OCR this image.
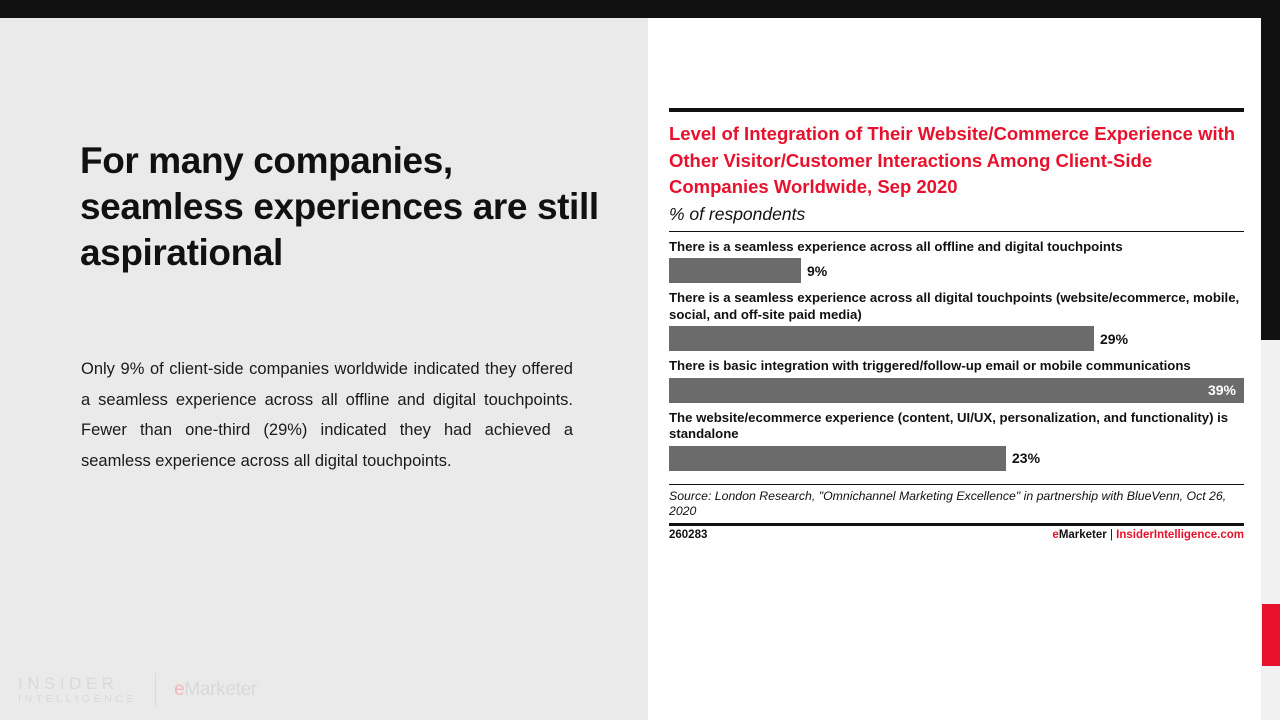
For many companies, seamless experiences are still aspirational
Only 9% of client-side companies worldwide indicated they offered a seamless experience across all offline and digital touchpoints. Fewer than one-third (29%) indicated they had achieved a seamless experience across all digital touchpoints.
INSIDER
INTELLIGENCE eMarketer
Level of Integration of Their Website/Commerce Experience with Other Visitor/Customer Interactions Among Client-Side Companies Worldwide, Sep 2020
% of respondents
There is a seamless experience across all offline and digital touchpoints
9%
There is a seamless experience across all digital touchpoints (website/ecommerce, mobile, social, and off-site paid media)
29%
There is basic integration with triggered/follow-up email or mobile communications
39%
The website/ecommerce experience (content, UI/UX, personalization, and functionality) is standalone
23%
Source: London Research, "Omnichannel Marketing Excellence" in partnership with BlueVenn, Oct 26, 2020
260283	eMarketer | InsiderIntelligence.com
